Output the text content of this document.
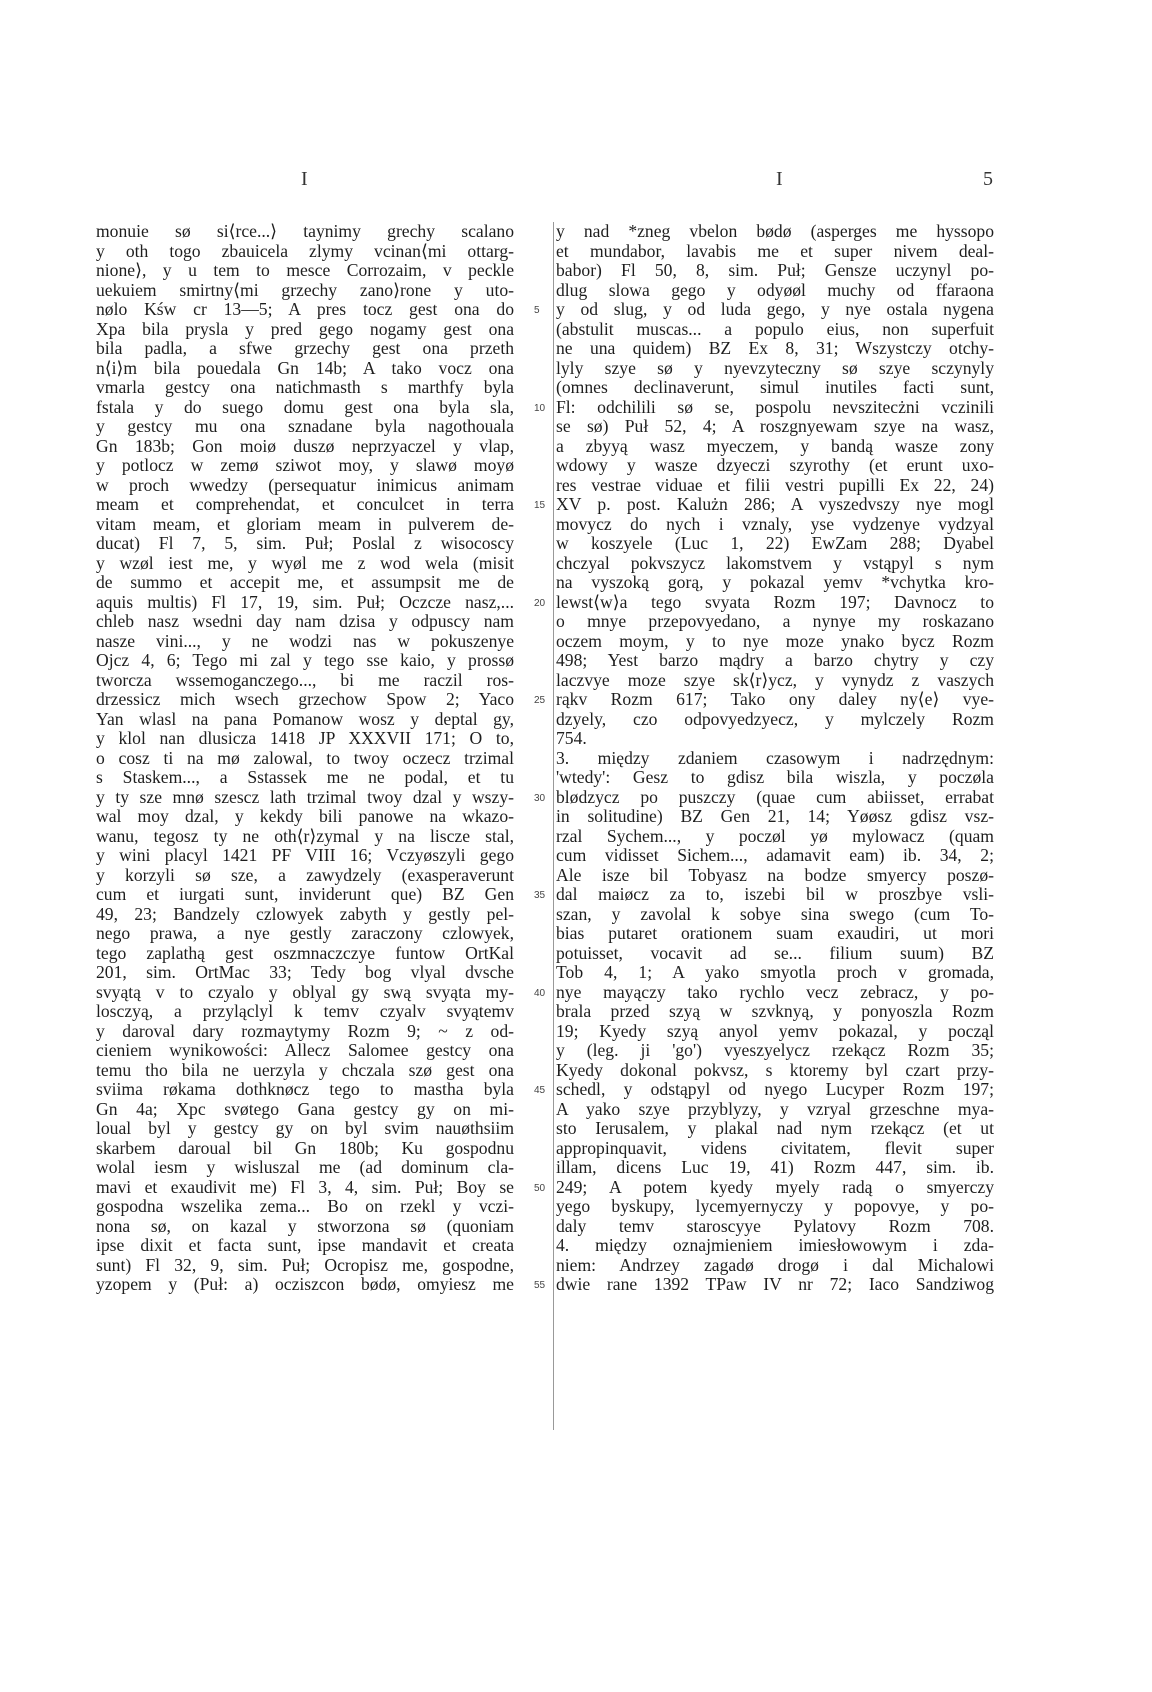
I	I	5
monuie sø si⟨rce...⟩ taynimy grechy scalano
y oth togo zbauicela zlymy vcinan⟨mi ottarg-
nione⟩, y u tem to mesce Corrozaim, v peckle
uekuiem smirtny⟨mi grzechy zano⟩rone y uto-
nølo Kśw cr 13—5; A pres tocz gest ona do
Xpa bila prysla y pred gego nogamy gest ona
bila padla, a sfwe grzechy gest ona przeth
n⟨i⟩m bila pouedala Gn 14b; A tako vocz ona
vmarla gestcy ona natichmasth s marthfy byla
fstala y do suego domu gest ona byla sla,
y gestcy mu ona sznadane byla nagothouala
Gn 183b; Gon moiø duszø neprzyaczel y vlap,
y potlocz w zemø sziwot moy, y slawø moyø
w proch wwedzy (persequatur inimicus animam
meam et comprehendat, et conculcet in terra
vitam meam, et gloriam meam in pulverem de-
ducat) Fl 7, 5, sim. Puł; Poslal z wisocoscy
y wzøl iest me, y wyøl me z wod wela (misit
de summo et accepit me, et assumpsit me de
aquis multis) Fl 17, 19, sim. Puł; Oczcze nasz,...
chleb nasz wsedni day nam dzisa y odpuscy nam
nasze vini..., y ne wodzi nas w pokuszenye
Ojcz 4, 6; Tego mi zal y tego sse kaio, y prossø
tworcza wssemoganczego..., bi me raczil ros-
drzessicz mich wsech grzechow Spow 2; Yaco
Yan wlasl na pana Pomanow wosz y deptal gy,
y klol nan dlusicza 1418 JP XXXVII 171; O to,
o cosz ti na mø zalowal, to twoy oczecz trzimal
s Staskem..., a Sstassek me ne podal, et tu
y ty sze mnø szescz lath trzimal twoy dzal y wszy-
wal moy dzal, y kekdy bili panowe na wkazo-
wanu, tegosz ty ne oth⟨r⟩zymal y na liscze stal,
y wini placyl 1421 PF VIII 16; Vczyøszyli gego
y korzyli sø sze, a zawydzely (exasperaverunt
cum et iurgati sunt, inviderunt que) BZ Gen
49, 23; Bandzely czlowyek zabyth y gestly pel-
nego prawa, a nye gestly zaraczony czlowyek,
tego zaplathą gest oszmnaczczye funtow OrtKal
201, sim. OrtMac 33; Tedy bog vlyal dvsche
svyątą v to czyalo y oblyal gy swą svyąta my-
losczyą, a przyląclyl k temv czyalv svyątemv
y daroval dary rozmaytymy Rozm 9; ~ z od-
cieniem wynikowości: Allecz Salomee gestcy ona
temu tho bila ne uerzyla y chczala szø gest ona
sviima røkama dothknøcz tego to mastha byla
Gn 4a; Xpc svøtego Gana gestcy gy on mi-
loual byl y gestcy gy on byl svim nauøthsiim
skarbem daroual bil Gn 180b; Ku gospodnu
wolal iesm y wisluszal me (ad dominum cla-
mavi et exaudivit me) Fl 3, 4, sim. Puł; Boy se
gospodna wszelika zema... Bo on rzekl y vczi-
nona sø, on kazal y stworzona sø (quoniam
ipse dixit et facta sunt, ipse mandavit et creata
sunt) Fl 32, 9, sim. Puł; Ocropisz me, gospodne,
yzopem y (Puł: a) ocziszcon bødø, omyiesz me
5
10
15
20
25
30
35
40
45
50
55
y nad *zneg vbelon bødø (asperges me hyssopo
et mundabor, lavabis me et super nivem deal-
babor) Fl 50, 8, sim. Puł; Gensze uczynyl po-
dlug slowa gego y odyøøl muchy od ffaraona
y od slug, y od luda gego, y nye ostala nygena
(abstulit muscas... a populo eius, non superfuit
ne una quidem) BZ Ex 8, 31; Wszystczy otchy-
lyly szye sø y nyevzyteczny sø szye sczynyly
(omnes declinaverunt, simul inutiles facti sunt,
Fl: odchilili sø se, pospolu nevszitecżni vczinili
se sø) Puł 52, 4; A roszgnyewam szye na wasz,
a zbyyą wasz myeczem, y bandą wasze zony
wdowy y wasze dzyeczi szyrothy (et erunt uxo-
res vestrae viduae et filii vestri pupilli Ex 22, 24)
XV p. post. Kalużn 286; A vyszedvszy nye mogl
movycz do nych i vznaly, yse vydzenye vydzyal
w koszyele (Luc 1, 22) EwZam 288; Dyabel
chczyal pokvszycz lakomstvem y vstąpyl s nym
na vyszoką gorą, y pokazal yemv *vchytka kro-
lewst⟨w⟩a tego svyata Rozm 197; Davnocz to
o mnye przepovyedano, a nynye my roskazano
oczem moym, y to nye moze ynako bycz Rozm
498; Yest barzo mądry a barzo chytry y czy
laczvye moze szye sk⟨r⟩ycz, y vynydz z vaszych
rąkv Rozm 617; Tako ony daley ny⟨e⟩ vye-
dzyely, czo odpovyedzyecz, y mylczely Rozm
754.
3. między zdaniem czasowym i nadrzędnym:
'wtedy': Gesz to gdisz bila wiszla, y poczøla
blødzycz po puszczy (quae cum abiisset, errabat
in solitudine) BZ Gen 21, 14; Yøøsz gdisz vsz-
rzal Sychem..., y poczøl yø mylowacz (quam
cum vidisset Sichem..., adamavit eam) ib. 34, 2;
Ale isze bil Tobyasz na bodze smyercy poszø-
dal maiøcz za to, iszebi bil w proszbye vsli-
szan, y zavolal k sobye sina swego (cum To-
bias putaret orationem suam exaudiri, ut mori
potuisset, vocavit ad se... filium suum) BZ
Tob 4, 1; A yako smyotla proch v gromada,
nye mayączy tako rychlo vecz zebracz, y po-
brala przed szyą w szvknyą, y ponyoszla Rozm
19; Kyedy szyą anyol yemv pokazal, y począl
y (leg. ji 'go') vyeszyelycz rzekącz Rozm 35;
Kyedy dokonal pokvsz, s ktoremy byl czart przy-
schedl, y odstąpyl od nyego Lucyper Rozm 197;
A yako szye przyblyzy, y vzryal grzeschne mya-
sto Ierusalem, y plakal nad nym rzekącz (et ut
appropinquavit, videns civitatem, flevit super
illam, dicens Luc 19, 41) Rozm 447, sim. ib.
249; A potem kyedy myely radą o smyerczy
yego byskupy, lycemyernyczy y popovye, y po-
daly temv staroscyye Pylatovy Rozm 708.
4. między oznajmieniem imiesłowowym i zda-
niem: Andrzey zagadø drogø i dal Michalowi
dwie rane 1392 TPaw IV nr 72; Iaco Sandziwog
